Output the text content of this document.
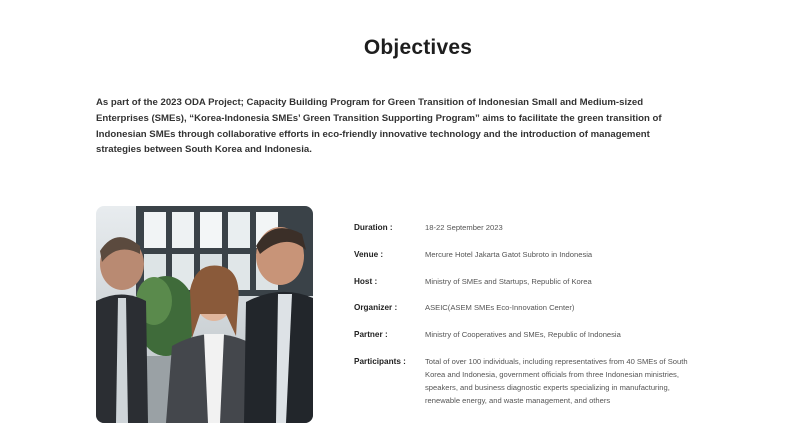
Objectives

As part of the 2023 ODA Project; Capacity Building Program for Green Transition of Indonesian Small and Medium-sized Enterprises (SMEs), “Korea-Indonesia SMEs’ Green Transition Supporting Program” aims to facilitate the green transition of Indonesian SMEs through collaborative efforts in eco-friendly innovative technology and the introduction of management strategies between South Korea and Indonesia.

Duration :	18-22 September 2023
Venue :	Mercure Hotel Jakarta Gatot Subroto in Indonesia
Host :	Ministry of SMEs and Startups, Republic of Korea
Organizer :	ASEIC(ASEM SMEs Eco-Innovation Center)
Partner :	Ministry of Cooperatives and SMEs, Republic of Indonesia
Participants :	Total of over 100 individuals, including representatives from 40 SMEs of South Korea and Indonesia, government officials from three Indonesian ministries, speakers, and business diagnostic experts specializing in manufacturing, renewable energy, and waste management, and others
